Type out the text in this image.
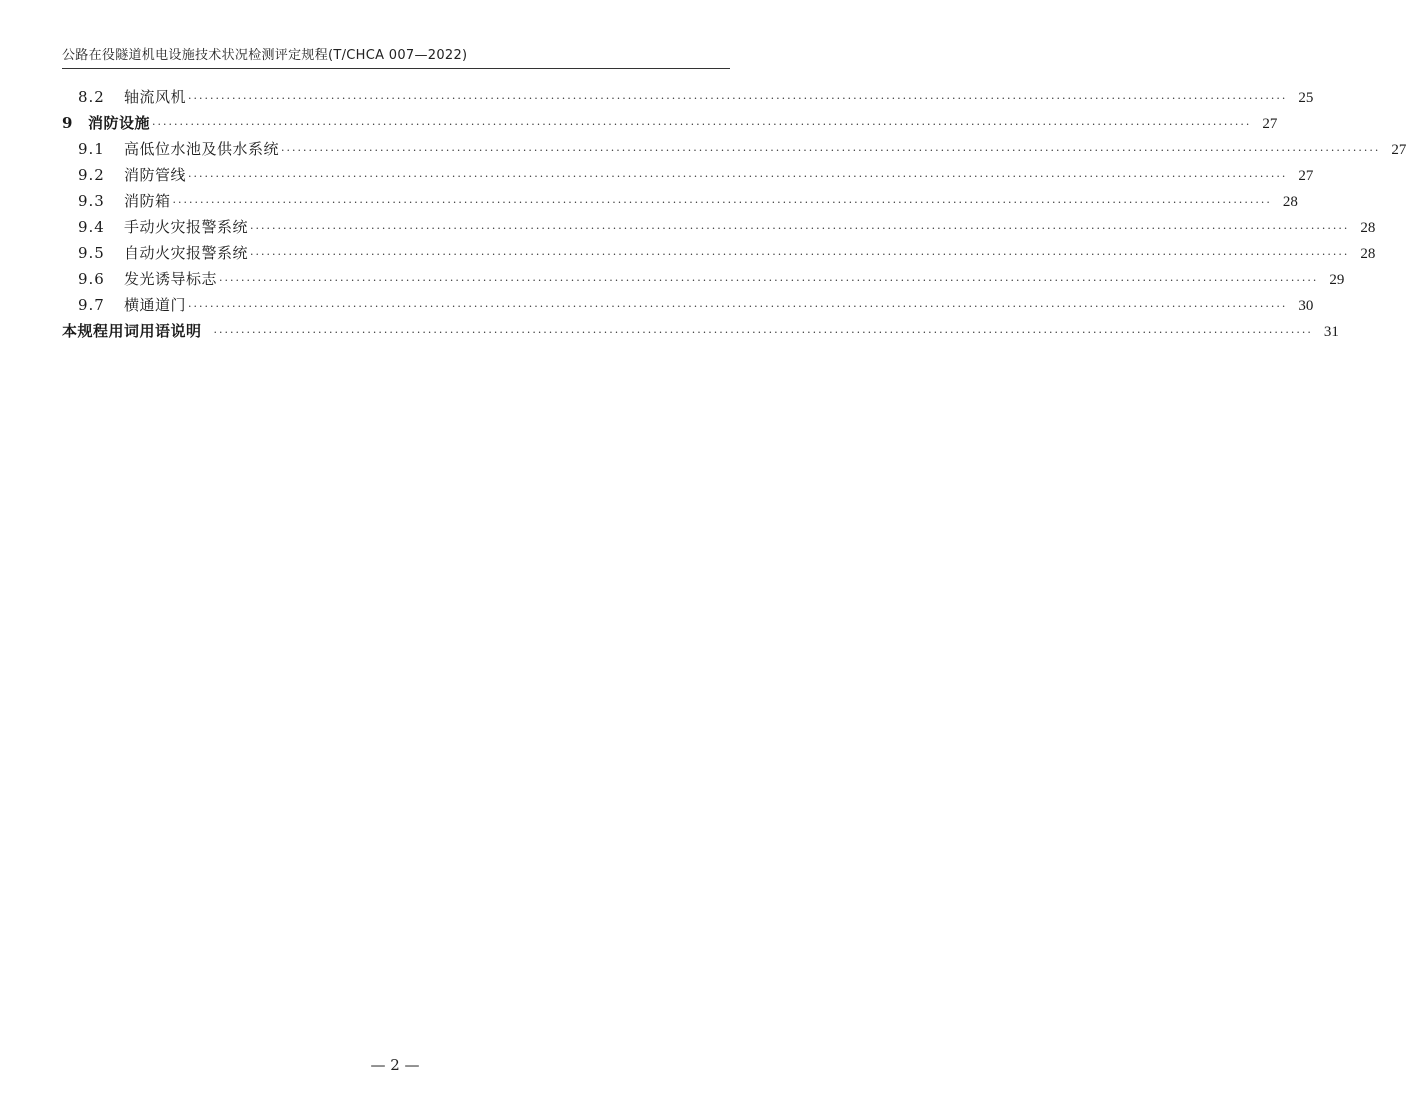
公路在役隧道机电设施技术状况检测评定规程(T/CHCA 007—2022)
8.2	轴流风机 ········································································································································································································ 25
9 消防设施 ········································································································································································································ 27
9.1	高低位水池及供水系统 ········································································································································································································ 27
9.2	消防管线 ········································································································································································································ 27
9.3	消防箱 ········································································································································································································ 28
9.4	手动火灾报警系统 ········································································································································································································ 28
9.5	自动火灾报警系统 ········································································································································································································ 28
9.6	发光诱导标志 ········································································································································································································ 29
9.7	横通道门 ········································································································································································································ 30
本规程用词用语说明 ········································································································································································································ 31
— 2 —
